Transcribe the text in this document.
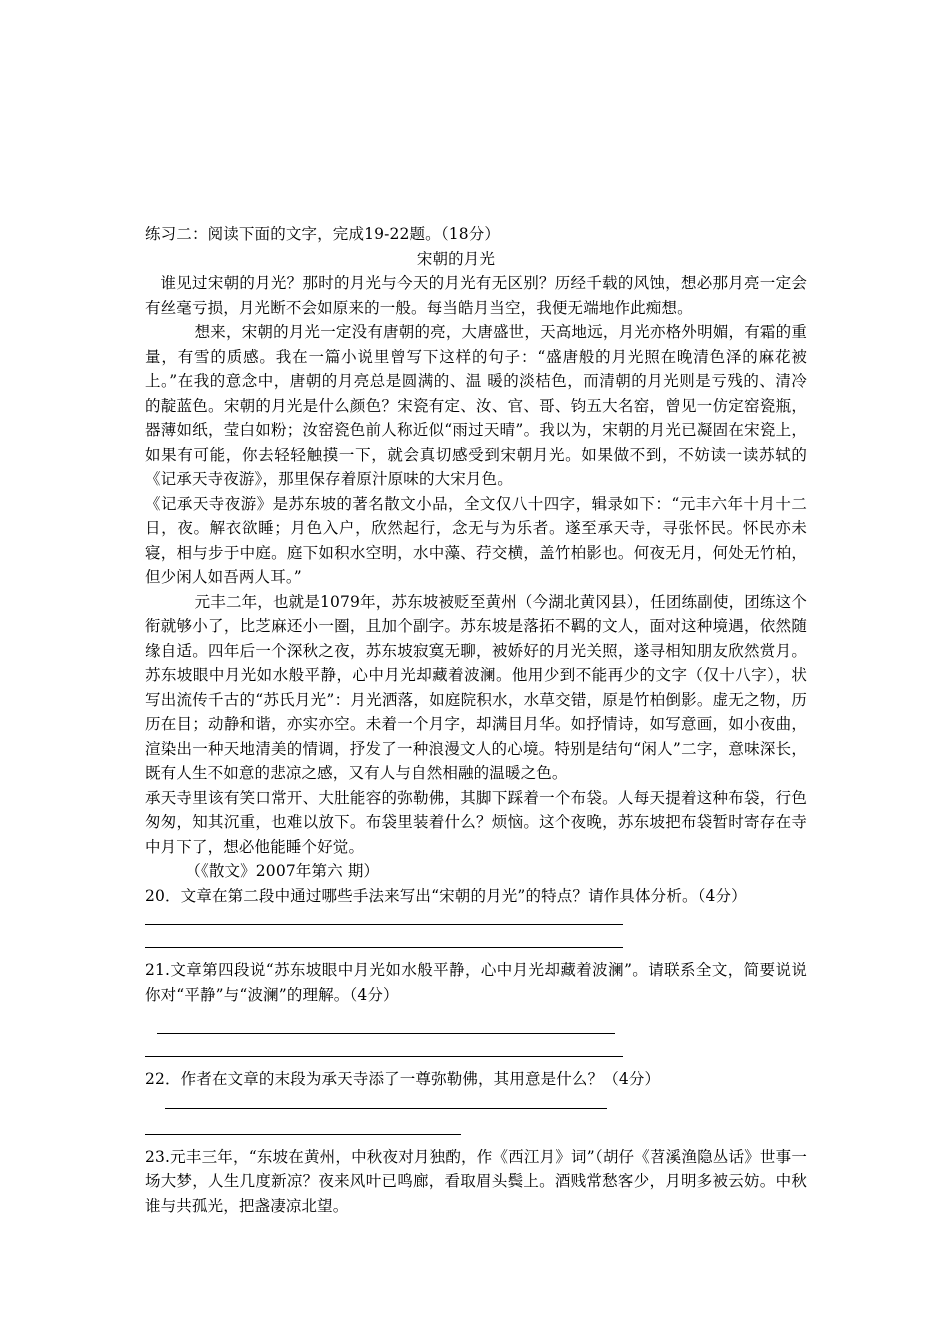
练习二：阅读下面的文字，完成19-22题。（18分）

宋朝的月光

谁见过宋朝的月光？那时的月光与今天的月光有无区别？历经千载的风蚀，想必那月亮一定会有丝毫亏损，月光断不会如原来的一般。每当皓月当空，我便无端地作此痴想。

想来，宋朝的月光一定没有唐朝的亮，大唐盛世，天高地远，月光亦格外明媚，有霜的重量，有雪的质感。我在一篇小说里曾写下这样的句子：“盛唐般的月光照在晚清色泽的麻花被上。”在我的意念中，唐朝的月亮总是圆满的、温 暖的淡桔色，而清朝的月光则是亏残的、清冷的靛蓝色。宋朝的月光是什么颜色？宋瓷有定、汝、官、哥、钧五大名窑，曾见一仿定窑瓷瓶，器薄如纸，莹白如粉；汝窑瓷色前人称近似“雨过天晴”。我以为，宋朝的月光已凝固在宋瓷上，如果有可能，你去轻轻触摸一下，就会真切感受到宋朝月光。如果做不到，不妨读一读苏轼的《记承天寺夜游》，那里保存着原汁原味的大宋月色。

《记承天寺夜游》是苏东坡的著名散文小品，全文仅八十四字，辑录如下：“元丰六年十月十二日，夜。解衣欲睡；月色入户，欣然起行，念无与为乐者。遂至承天寺，寻张怀民。怀民亦未寝，相与步于中庭。庭下如积水空明，水中藻、荇交横，盖竹柏影也。何夜无月，何处无竹柏，但少闲人如吾两人耳。”

元丰二年，也就是1079年，苏东坡被贬至黄州（今湖北黄冈县），任团练副使，团练这个衔就够小了，比芝麻还小一圈，且加个副字。苏东坡是落拓不羁的文人，面对这种境遇，依然随缘自适。四年后一个深秋之夜，苏东坡寂寞无聊，被娇好的月光关照，遂寻相知朋友欣然赏月。苏东坡眼中月光如水般平静，心中月光却藏着波澜。他用少到不能再少的文字（仅十八字），状写出流传千古的“苏氏月光”：月光洒落，如庭院积水，水草交错，原是竹柏倒影。虚无之物，历历在目；动静和谐，亦实亦空。未着一个月字，却满目月华。如抒情诗，如写意画，如小夜曲，渲染出一种天地清美的情调，抒发了一种浪漫文人的心境。特别是结句“闲人”二字，意味深长，既有人生不如意的悲凉之感，又有人与自然相融的温暖之色。

承天寺里该有笑口常开、大肚能容的弥勒佛，其脚下踩着一个布袋。人每天提着这种布袋，行色 匆匆，知其沉重，也难以放下。布袋里装着什么？烦恼。这个夜晚，苏东坡把布袋暂时寄存在寺中月下了，想必他能睡个好觉。

（《散文》2007年第六 期）

20．文章在第二段中通过哪些手法来写出“宋朝的月光”的特点？请作具体分析。（4分）

21.文章第四段说“苏东坡眼中月光如水般平静，心中月光却藏着波澜”。请联系全文，简要说说你对“平静”与“波澜”的理解。（4分）

22．作者在文章的末段为承天寺添了一尊弥勒佛，其用意是什么？（4分）

23.元丰三年，“东坡在黄州，中秋夜对月独酌，作《西江月》词”（胡仔《苕溪渔隐丛话》世事一场大梦，人生几度新凉？夜来风叶已鸣廊，看取眉头鬓上。酒贱常愁客少，月明多被云妨。中秋谁与共孤光，把盏凄凉北望。
